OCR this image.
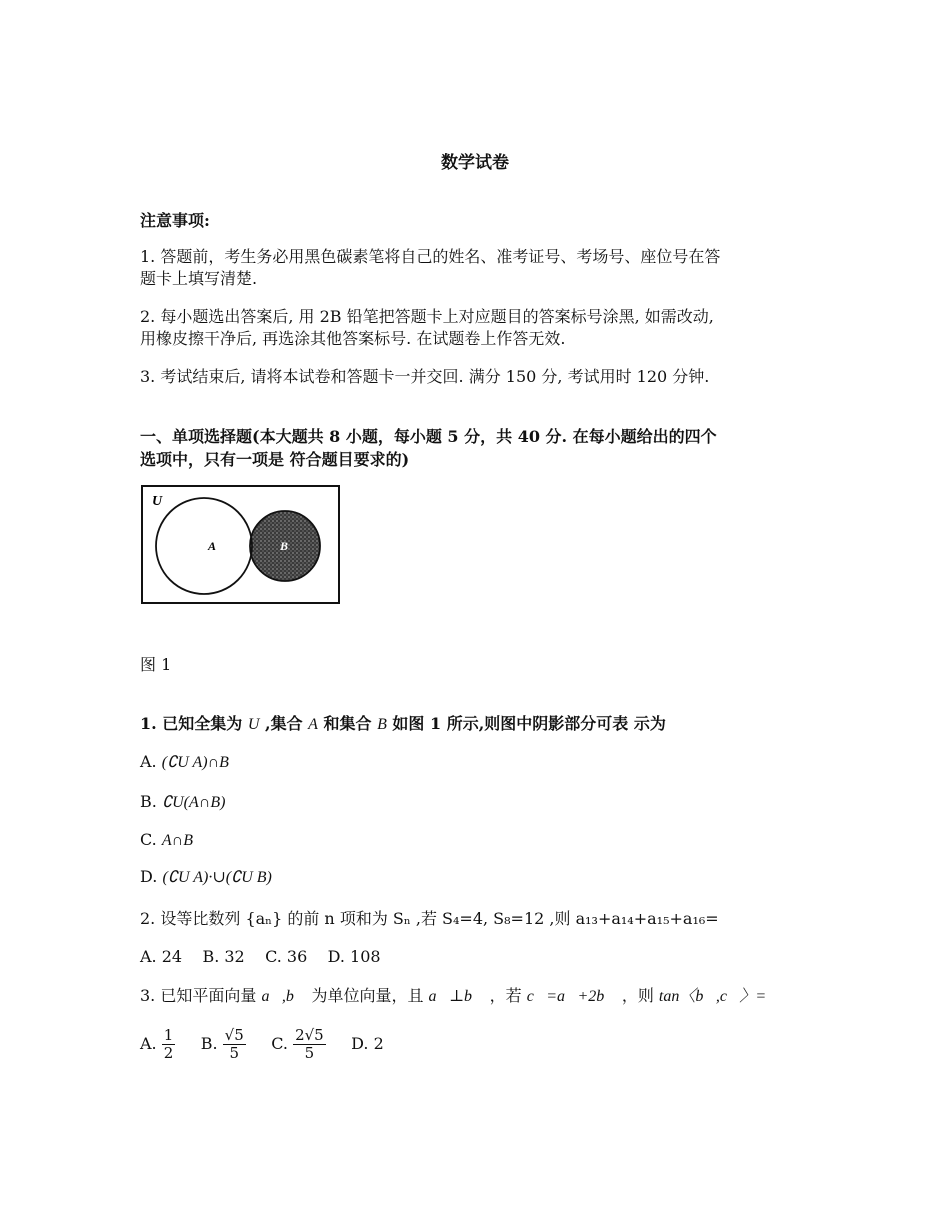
数学试卷
注意事项:
1. 答题前，考生务必用黑色碳素笔将自己的姓名、准考证号、考场号、座位号在答
题卡上填写清楚.
2. 每小题选出答案后, 用 2B 铅笔把答题卡上对应题目的答案标号涂黑, 如需改动,
用橡皮擦干净后, 再选涂其他答案标号. 在试题卷上作答无效.
3. 考试结束后, 请将本试卷和答题卡一并交回. 满分 150 分, 考试用时 120 分钟.
一、单项选择题(本大题共 8 小题，每小题 5 分，共 40 分. 在每小题给出的四个
选项中，只有一项是 符合题目要求的)
U
A	B
图 1
1. 已知全集为 U ,集合 A 和集合 B 如图 1 所示,则图中阴影部分可表 示为
A. (∁U A)∩B
B. ∁U(A∩B)
C. A∩B
D. (∁U A)·∪(∁U B)
2. 设等比数列 {aₙ} 的前 n 项和为 Sₙ ,若 S₄=4, S₈=12 ,则 a₁₃+a₁₄+a₁₅+a₁₆=
A. 24 B. 32 C. 36 D. 108
3. 已知平面向量 a⃗,b⃗ 为单位向量，且 a⃗⊥b⃗ ，若 c⃗=a⃗+2b⃗ ，则 tan〈b⃗,c⃗〉=
A. $\frac{1}{2} B$. $\frac{√5}{5} C$. $\frac{2√5}{5} D$. 2
